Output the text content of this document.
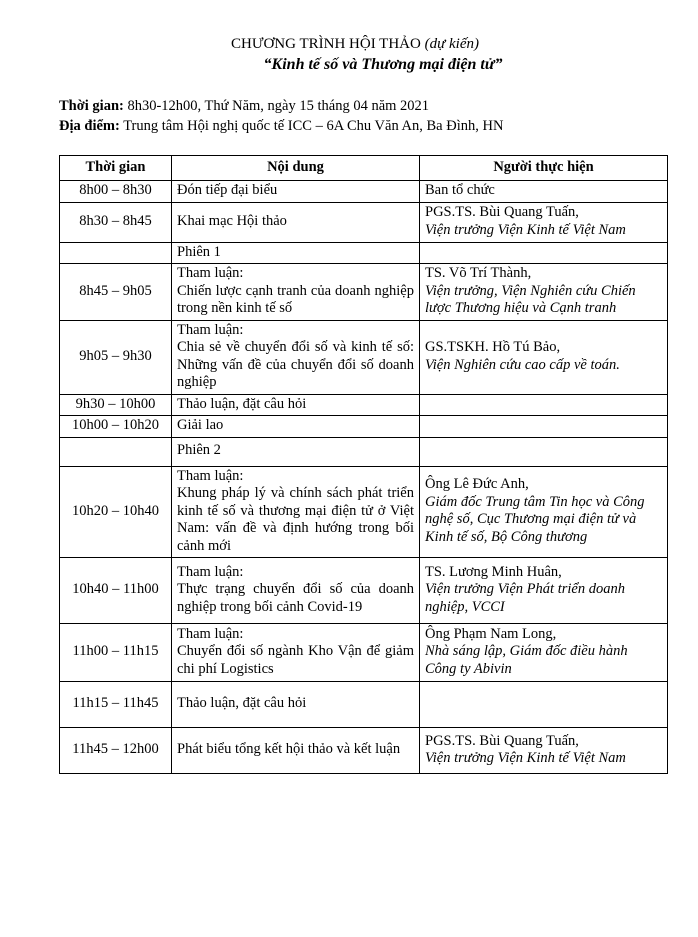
CHƯƠNG TRÌNH HỘI THẢO (dự kiến)
“Kinh tế số và Thương mại điện tử”
Thời gian: 8h30-12h00, Thứ Năm, ngày 15 tháng 04 năm 2021
Địa điểm: Trung tâm Hội nghị quốc tế ICC – 6A Chu Văn An, Ba Đình, HN
Thời gian	Nội dung	Người thực hiện
8h00 – 8h30	Đón tiếp đại biểu	Ban tổ chức

8h30 – 8h45	Khai mạc Hội thảo	PGS.TS. Bùi Quang Tuấn,
Viện trưởng Viện Kinh tế Việt Nam

	Phiên 1	
8h45 – 9h05	Tham luận:
Chiến lược cạnh tranh của doanh nghiệp trong nền kinh tế số	TS. Võ Trí Thành,
Viện trưởng, Viện Nghiên cứu Chiến lược Thương hiệu và Cạnh tranh

9h05 – 9h30	Tham luận:
Chia sẻ về chuyển đổi số và kinh tế số: Những vấn đề của chuyển đổi số doanh nghiệp	GS.TSKH. Hồ Tú Bảo,
Viện Nghiên cứu cao cấp về toán.

9h30 – 10h00	Thảo luận, đặt câu hỏi	

10h00 – 10h20	Giải lao	

	Phiên 2	
10h20 – 10h40	Tham luận:
Khung pháp lý và chính sách phát triển kinh tế số và thương mại điện tử ở Việt Nam: vấn đề và định hướng trong bối cảnh mới	Ông Lê Đức Anh,
Giám đốc Trung tâm Tin học và Công nghệ số, Cục Thương mại điện tử và Kinh tế số, Bộ Công thương

10h40 – 11h00	Tham luận:
Thực trạng chuyển đổi số của doanh nghiệp trong bối cảnh Covid-19	TS. Lương Minh Huân,
Viện trưởng Viện Phát triển doanh nghiệp, VCCI

11h00 – 11h15	Tham luận:
Chuyển đổi số ngành Kho Vận để giảm chi phí Logistics	Ông Phạm Nam Long,
Nhà sáng lập, Giám đốc điều hành Công ty Abivin

11h15 – 11h45	Thảo luận, đặt câu hỏi	

11h45 – 12h00	Phát biểu tổng kết hội thảo và kết luận	PGS.TS. Bùi Quang Tuấn,
Viện trưởng Viện Kinh tế Việt Nam
